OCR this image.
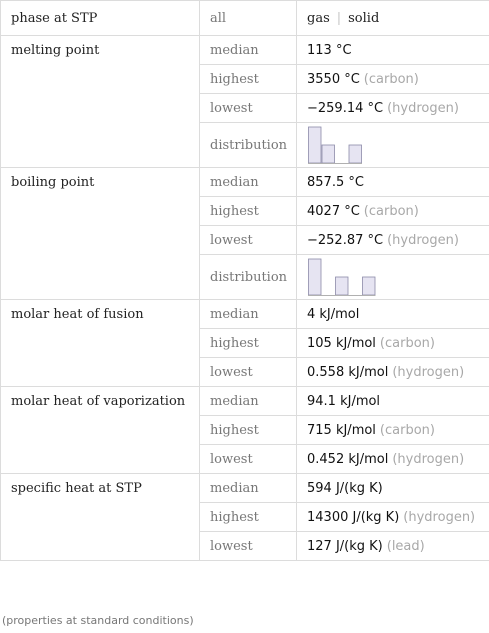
phase at STP	all	gas | solid
melting point	median	113 °C
	highest	3550 °C (carbon)
	lowest	−259.14 °C (hydrogen)
	distribution	

boiling point	median	857.5 °C
	highest	4027 °C (carbon)
	lowest	−252.87 °C (hydrogen)
	distribution	

molar heat of fusion	median	4 kJ/mol
	highest	105 kJ/mol (carbon)
	lowest	0.558 kJ/mol (hydrogen)
molar heat of vaporization	median	94.1 kJ/mol
	highest	715 kJ/mol (carbon)
	lowest	0.452 kJ/mol (hydrogen)
specific heat at STP	median	594 J/(kg K)
	highest	14300 J/(kg K) (hydrogen)
	lowest	127 J/(kg K) (lead)
(properties at standard conditions)
